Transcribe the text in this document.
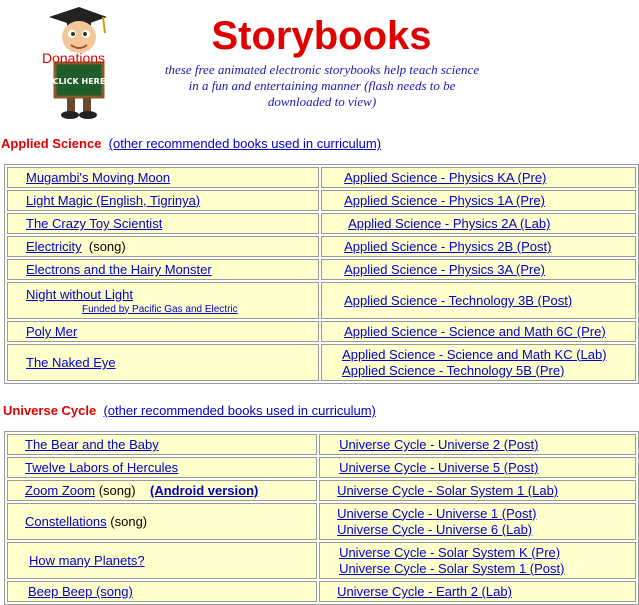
CLICK HERE
Donations	Storybooks
these free animated electronic storybooks help teach science in a fun and entertaining manner (flash needs to be downloaded to view)
Applied Science (other recommended books used in curriculum)
Mugambi's Moving Moon	Applied Science - Physics KA (Pre)
Light Magic (English, Tigrinya)	Applied Science - Physics 1A (Pre)
The Crazy Toy Scientist	Applied Science - Physics 2A (Lab)
Electricity (song)	Applied Science - Physics 2B (Post)
Electrons and the Hairy Monster	Applied Science - Physics 3A (Pre)
Night without Light
Funded by Pacific Gas and Electric	Applied Science - Technology 3B (Post)
Poly Mer	Applied Science - Science and Math 6C (Pre)
The Naked Eye	Applied Science - Science and Math KC (Lab)
Applied Science - Technology 5B (Pre)
Universe Cycle (other recommended books used in curriculum)
The Bear and the Baby	Universe Cycle - Universe 2 (Post)
Twelve Labors of Hercules	Universe Cycle - Universe 5 (Post)
Zoom Zoom (song) (Android version)	Universe Cycle - Solar System 1 (Lab)
Constellations (song)	Universe Cycle - Universe 1 (Post)
Universe Cycle - Universe 6 (Lab)
How many Planets?	Universe Cycle - Solar System K (Pre)
Universe Cycle - Solar System 1 (Post)
Beep Beep (song)	Universe Cycle - Earth 2 (Lab)
